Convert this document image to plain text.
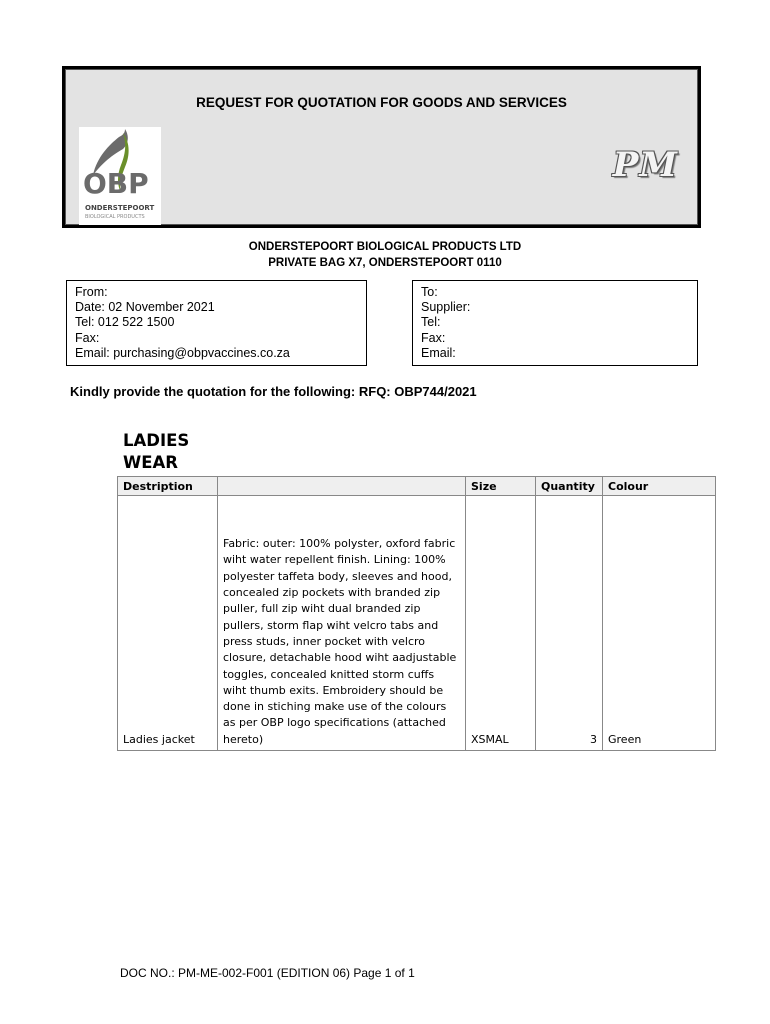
REQUEST FOR QUOTATION FOR GOODS AND SERVICES
OBP
ONDERSTEPOORT
BIOLOGICAL PRODUCTS
PM
ONDERSTEPOORT BIOLOGICAL PRODUCTS LTD
PRIVATE BAG X7, ONDERSTEPOORT 0110
From:
Date: 02 November 2021
Tel: 012 522 1500
Fax:
Email: purchasing@obpvaccines.co.za
To:
Supplier:
Tel:
Fax:
Email:
Kindly provide the quotation for the following: RFQ: OBP744/2021
LADIES
WEAR
Destription		Size	Quantity	Colour
Ladies jacket	Fabric: outer: 100% polyster, oxford fabric wiht water repellent finish. Lining: 100% polyester taffeta body, sleeves and hood, concealed zip pockets with branded zip puller, full zip wiht dual branded zip pullers, storm flap wiht velcro tabs and press studs, inner pocket with velcro closure, detachable hood wiht aadjustable toggles, concealed knitted storm cuffs wiht thumb exits. Embroidery should be done in stiching make use of the colours as per OBP logo specifications (attached hereto)	XSMAL	3	Green
DOC NO.: PM-ME-002-F001 (EDITION 06) Page 1 of 1
